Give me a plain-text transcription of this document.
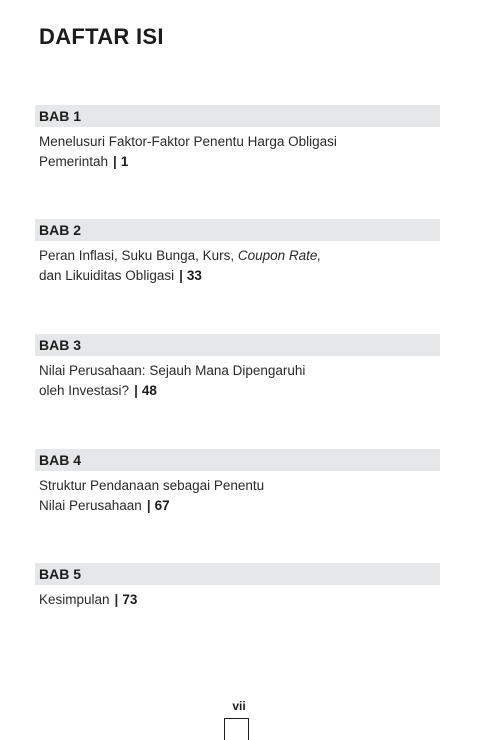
DAFTAR ISI
BAB 1
Menelusuri Faktor-Faktor Penentu Harga Obligasi
Pemerintah | 1
BAB 2
Peran Inflasi, Suku Bunga, Kurs, Coupon Rate,
dan Likuiditas Obligasi | 33
BAB 3
Nilai Perusahaan: Sejauh Mana Dipengaruhi
oleh Investasi? | 48
BAB 4
Struktur Pendanaan sebagai Penentu
Nilai Perusahaan | 67
BAB 5
Kesimpulan | 73
vii
